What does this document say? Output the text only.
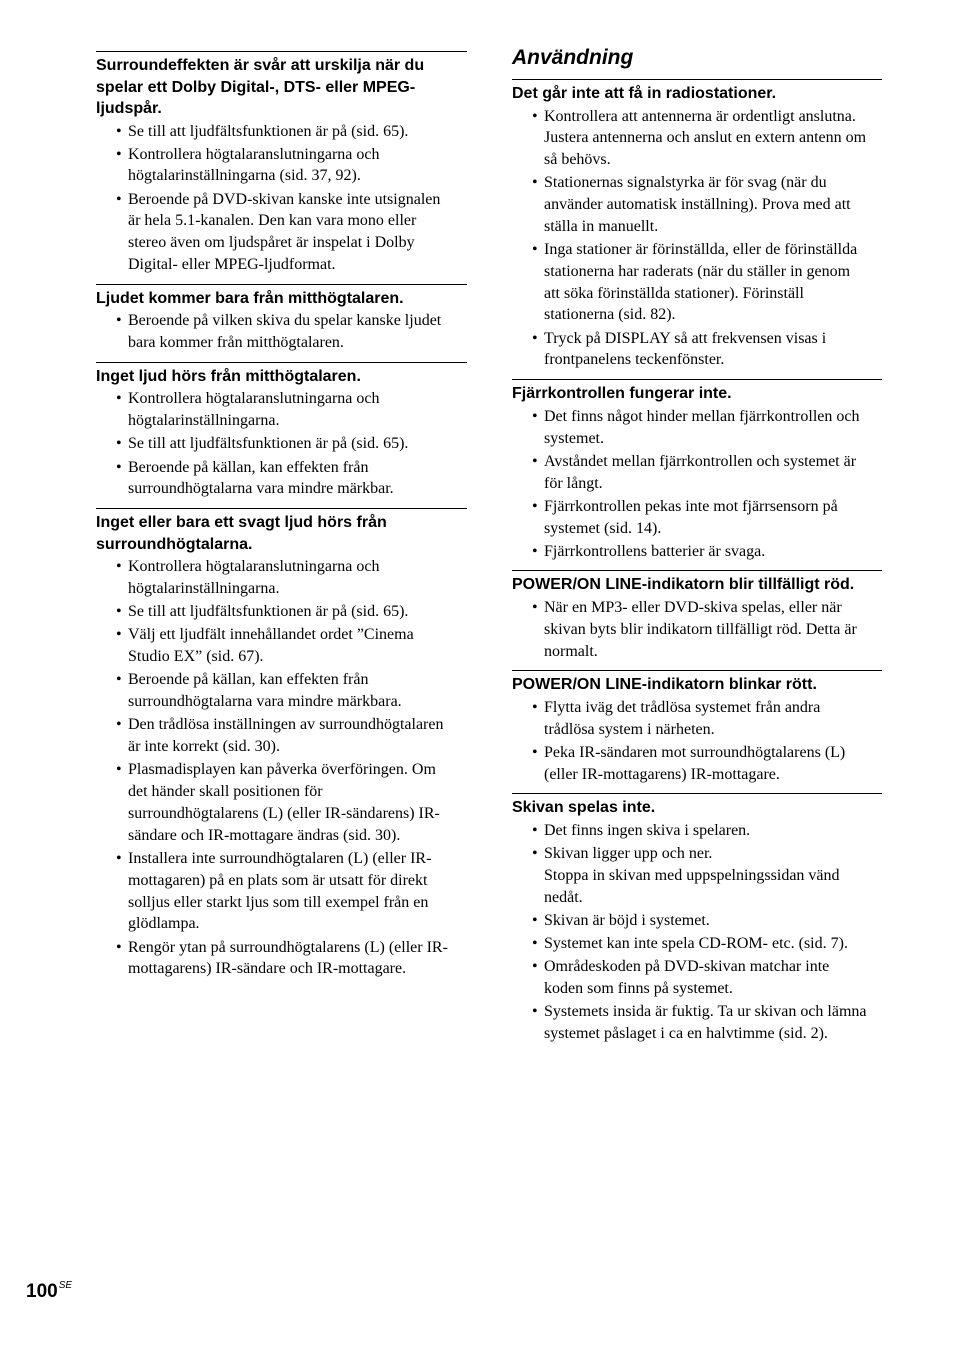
Surroundeffekten är svår att urskilja när du
spelar ett Dolby Digital-, DTS- eller MPEG-
ljudspår.
• Se till att ljudfältsfunktionen är på (sid. 65).
• Kontrollera högtalaranslutningarna och
högtalarinställningarna (sid. 37, 92).
• Beroende på DVD-skivan kanske inte utsignalen
är hela 5.1-kanalen. Den kan vara mono eller
stereo även om ljudspåret är inspelat i Dolby
Digital- eller MPEG-ljudformat.
Ljudet kommer bara från mitthögtalaren.
• Beroende på vilken skiva du spelar kanske ljudet
bara kommer från mitthögtalaren.
Inget ljud hörs från mitthögtalaren.
• Kontrollera högtalaranslutningarna och
högtalarinställningarna.
• Se till att ljudfältsfunktionen är på (sid. 65).
• Beroende på källan, kan effekten från
surroundhögtalarna vara mindre märkbar.
Inget eller bara ett svagt ljud hörs från
surroundhögtalarna.
• Kontrollera högtalaranslutningarna och
högtalarinställningarna.
• Se till att ljudfältsfunktionen är på (sid. 65).
• Välj ett ljudfält innehållandet ordet ”Cinema
Studio EX” (sid. 67).
• Beroende på källan, kan effekten från
surroundhögtalarna vara mindre märkbara.
• Den trådlösa inställningen av surroundhögtalaren
är inte korrekt (sid. 30).
• Plasmadisplayen kan påverka överföringen. Om
det händer skall positionen för
surroundhögtalarens (L) (eller IR-sändarens) IR-
sändare och IR-mottagare ändras (sid. 30).
• Installera inte surroundhögtalaren (L) (eller IR-
mottagaren) på en plats som är utsatt för direkt
solljus eller starkt ljus som till exempel från en
glödlampa.
• Rengör ytan på surroundhögtalarens (L) (eller IR-
mottagarens) IR-sändare och IR-mottagare.
Användning
Det går inte att få in radiostationer.
• Kontrollera att antennerna är ordentligt anslutna.
Justera antennerna och anslut en extern antenn om
så behövs.
• Stationernas signalstyrka är för svag (när du
använder automatisk inställning). Prova med att
ställa in manuellt.
• Inga stationer är förinställda, eller de förinställda
stationerna har raderats (när du ställer in genom
att söka förinställda stationer). Förinställ
stationerna (sid. 82).
• Tryck på DISPLAY så att frekvensen visas i
frontpanelens teckenfönster.
Fjärrkontrollen fungerar inte.
• Det finns något hinder mellan fjärrkontrollen och
systemet.
• Avståndet mellan fjärrkontrollen och systemet är
för långt.
• Fjärrkontrollen pekas inte mot fjärrsensorn på
systemet (sid. 14).
• Fjärrkontrollens batterier är svaga.
POWER/ON LINE-indikatorn blir tillfälligt röd.
• När en MP3- eller DVD-skiva spelas, eller när
skivan byts blir indikatorn tillfälligt röd. Detta är
normalt.
POWER/ON LINE-indikatorn blinkar rött.
• Flytta iväg det trådlösa systemet från andra
trådlösa system i närheten.
• Peka IR-sändaren mot surroundhögtalarens (L)
(eller IR-mottagarens) IR-mottagare.
Skivan spelas inte.
• Det finns ingen skiva i spelaren.
• Skivan ligger upp och ner.
Stoppa in skivan med uppspelningssidan vänd
nedåt.
• Skivan är böjd i systemet.
• Systemet kan inte spela CD-ROM- etc. (sid. 7).
• Områdeskoden på DVD-skivan matchar inte
koden som finns på systemet.
• Systemets insida är fuktig. Ta ur skivan och lämna
systemet påslaget i ca en halvtimme (sid. 2).
$100^{SE}$
